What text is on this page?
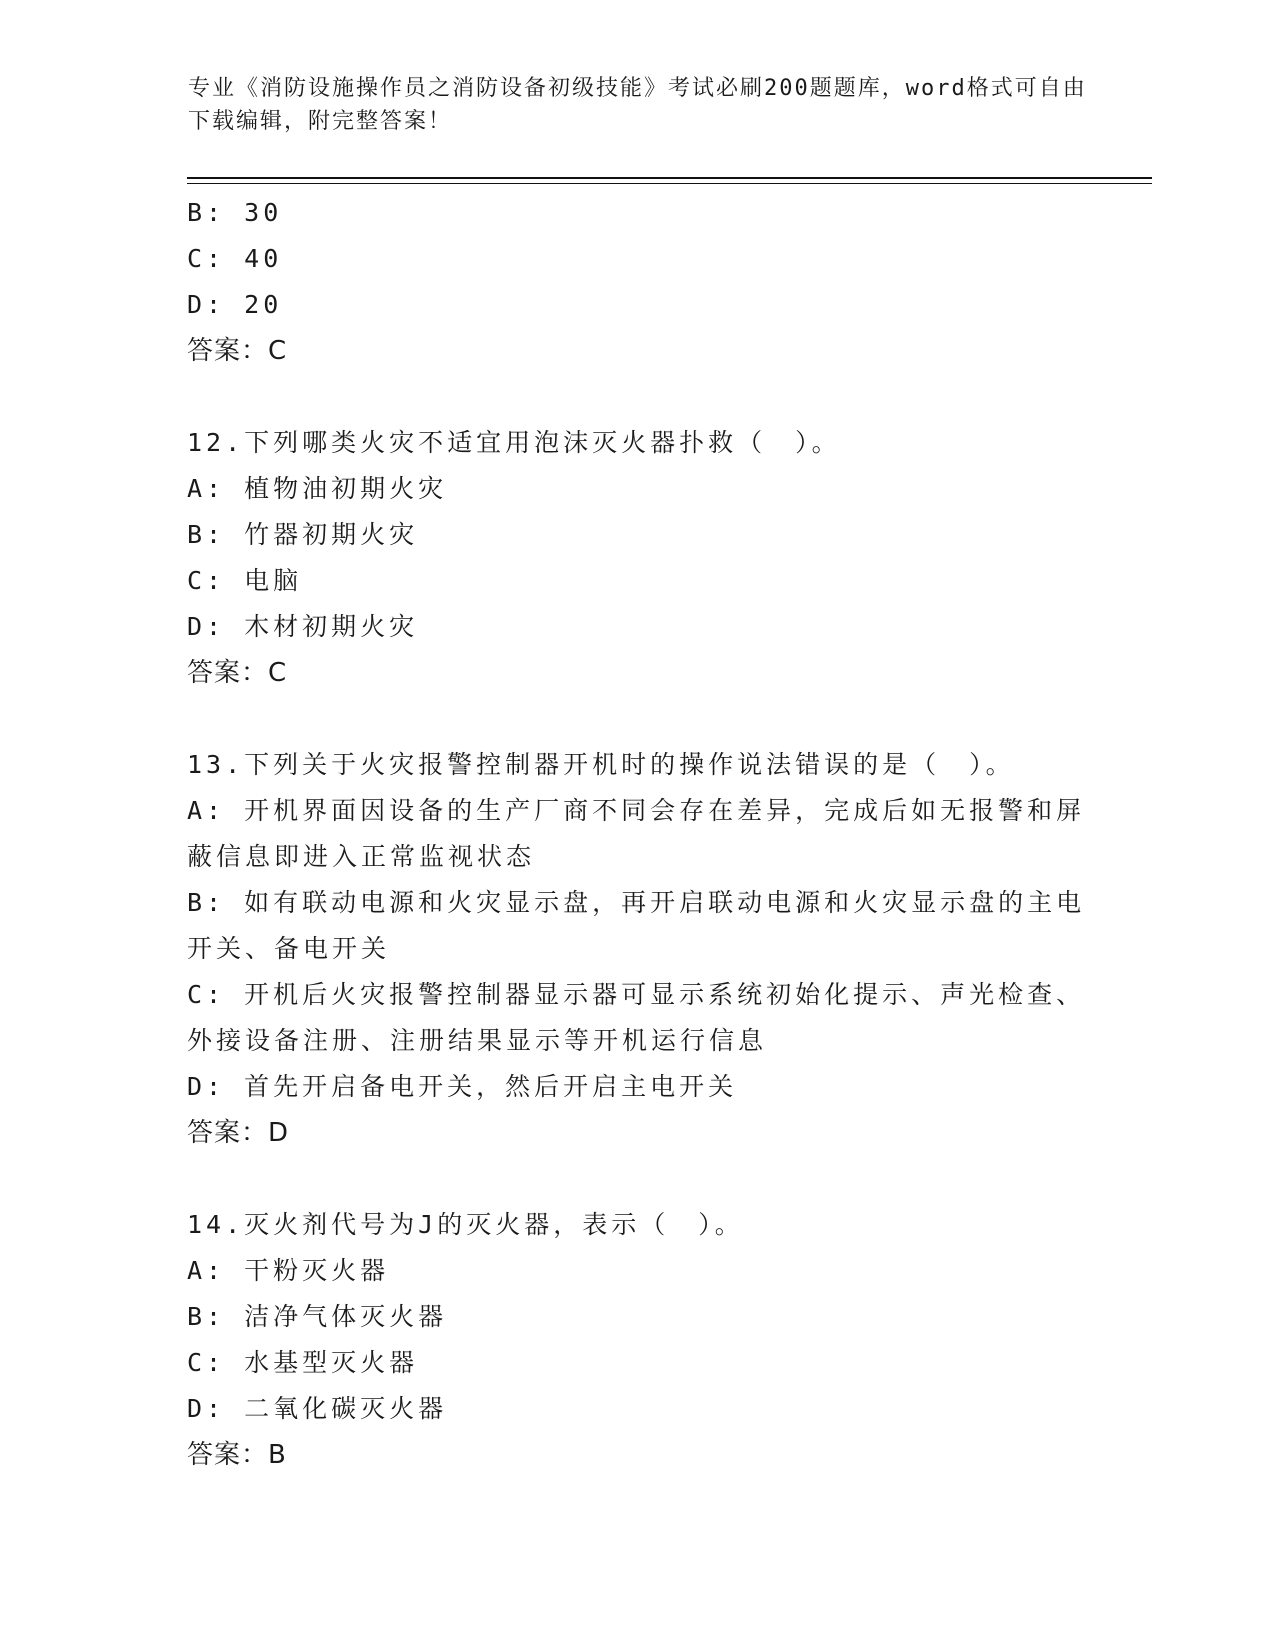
专业《消防设施操作员之消防设备初级技能》考试必刷200题题库，word格式可自由下载编辑，附完整答案！
B: 30
C: 40
D: 20
答案：C
12.下列哪类火灾不适宜用泡沫灭火器扑救（　）。
A: 植物油初期火灾
B: 竹器初期火灾
C: 电脑
D: 木材初期火灾
答案：C
13.下列关于火灾报警控制器开机时的操作说法错误的是（　）。
A: 开机界面因设备的生产厂商不同会存在差异，完成后如无报警和屏蔽信息即进入正常监视状态
B: 如有联动电源和火灾显示盘，再开启联动电源和火灾显示盘的主电开关、备电开关
C: 开机后火灾报警控制器显示器可显示系统初始化提示、声光检查、外接设备注册、注册结果显示等开机运行信息
D: 首先开启备电开关，然后开启主电开关
答案：D
14.灭火剂代号为J的灭火器，表示（　）。
A: 干粉灭火器
B: 洁净气体灭火器
C: 水基型灭火器
D: 二氧化碳灭火器
答案：B
